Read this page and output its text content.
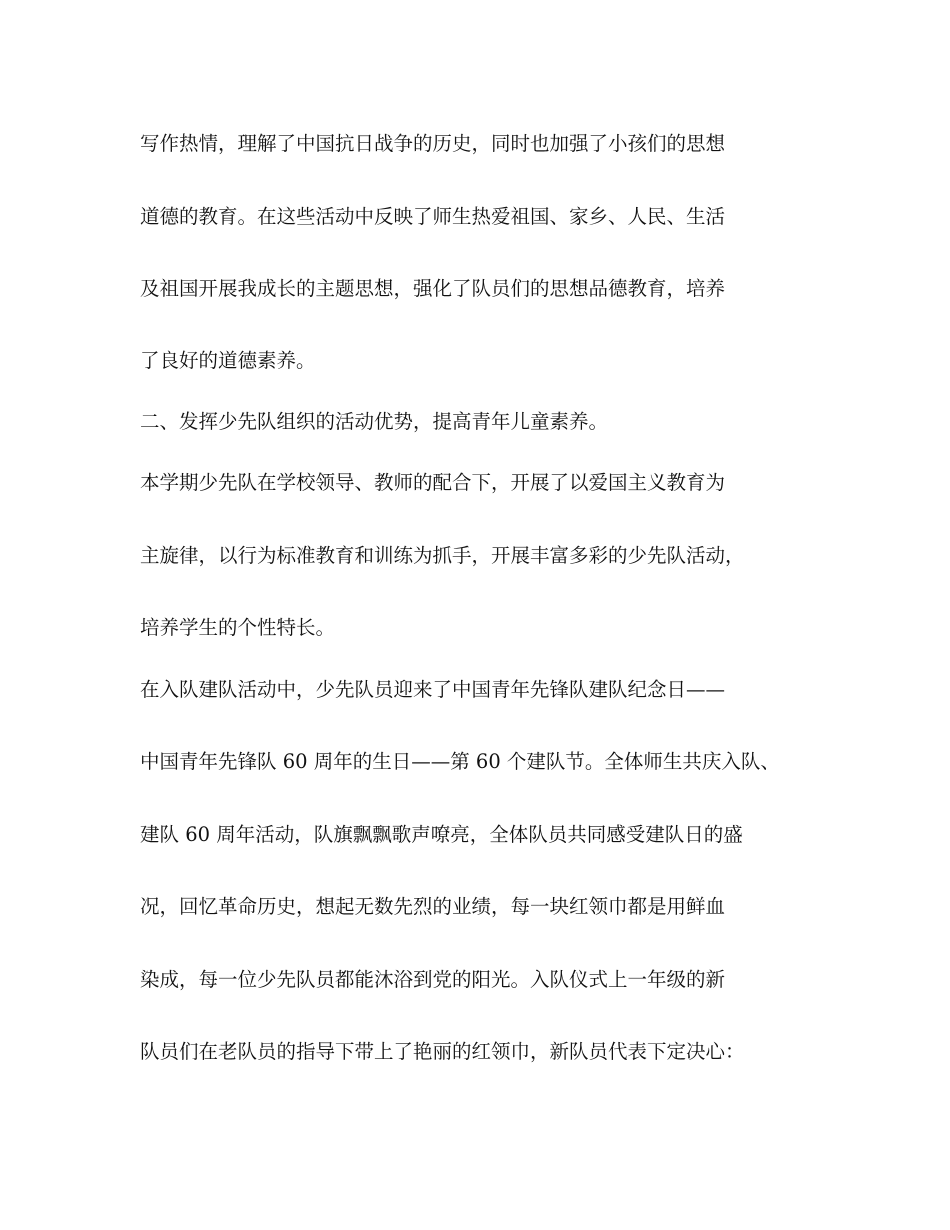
写作热情，理解了中国抗日战争的历史，同时也加强了小孩们的思想

道德的教育。在这些活动中反映了师生热爱祖国、家乡、人民、生活

及祖国开展我成长的主题思想，强化了队员们的思想品德教育，培养

了良好的道德素养。

二、发挥少先队组织的活动优势，提高青年儿童素养。

本学期少先队在学校领导、教师的配合下，开展了以爱国主义教育为

主旋律，以行为标准教育和训练为抓手，开展丰富多彩的少先队活动，

培养学生的个性特长。

在入队建队活动中，少先队员迎来了中国青年先锋队建队纪念日——

中国青年先锋队 60 周年的生日——第 60 个建队节。全体师生共庆入队、

建队 60 周年活动，队旗飘飘歌声嘹亮，全体队员共同感受建队日的盛

况，回忆革命历史，想起无数先烈的业绩，每一块红领巾都是用鲜血

染成，每一位少先队员都能沐浴到党的阳光。入队仪式上一年级的新

队员们在老队员的指导下带上了艳丽的红领巾，新队员代表下定决心：
